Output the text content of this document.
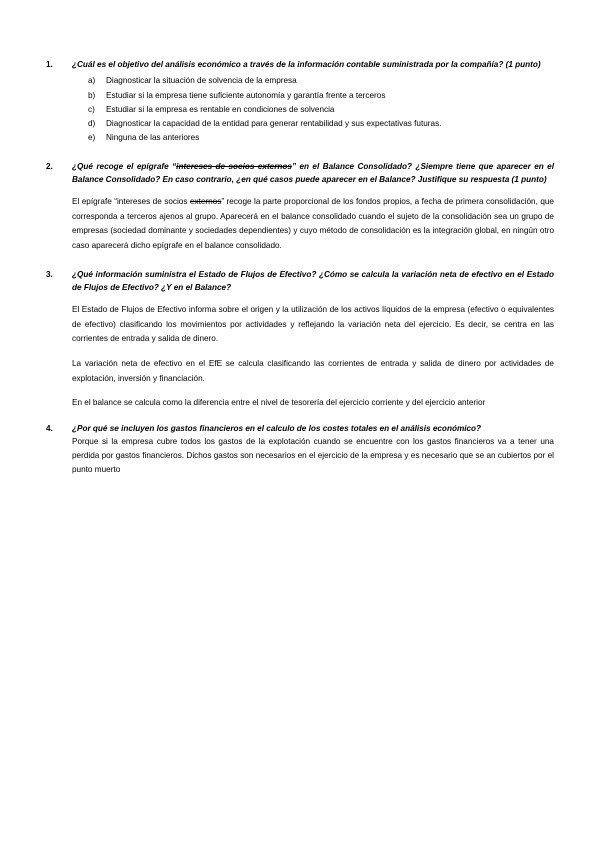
1.	¿Cuál es el objetivo del análisis económico a través de la información contable suministrada por la compañía? (1 punto)

a)	Diagnosticar la situación de solvencia de la empresa
b)	Estudiar si la empresa tiene suficiente autonomía y garantía frente a terceros
c)	Estudiar si la empresa es rentable en condiciones de solvencia
d)	Diagnosticar la capacidad de la entidad para generar rentabilidad y sus expectativas futuras.
e)	Ninguna de las anteriores
2.	¿Qué recoge el epígrafe “intereses de socios externos” en el Balance Consolidado? ¿Siempre tiene que aparecer en el Balance Consolidado? En caso contrario, ¿en qué casos puede aparecer en el Balance? Justifique su respuesta (1 punto)

El epígrafe “intereses de socios externos” recoge la parte proporcional de los fondos propios, a fecha de primera consolidación, que corresponda a terceros ajenos al grupo. Aparecerá en el balance consolidado cuando el sujeto de la consolidación sea un grupo de empresas (sociedad dominante y sociedades dependientes) y cuyo método de consolidación es la integración global, en ningún otro caso aparecerá dicho epígrafe en el balance consolidado.

3.	¿Qué información suministra el Estado de Flujos de Efectivo? ¿Cómo se calcula la variación neta de efectivo en el Estado de Flujos de Efectivo? ¿Y en el Balance?

El Estado de Flujos de Efectivo informa sobre el origen y la utilización de los activos líquidos de la empresa (efectivo o equivalentes de efectivo) clasificando los movimientos por actividades y reflejando la variación neta del ejercicio. Es decir, se centra en las corrientes de entrada y salida de dinero.

La variación neta de efectivo en el EfE se calcula clasificando las corrientes de entrada y salida de dinero por actividades de explotación, inversión y financiación.

En el balance se calcula como la diferencia entre el nivel de tesorería del ejercicio corriente y del ejercicio anterior

4.	¿Por qué se incluyen los gastos financieros en el calculo de los costes totales en el análisis económico?

Porque si la empresa cubre todos los gastos de la explotación cuando se encuentre con los gastos financieros va a tener una perdida por gastos financieros. Dichos gastos son necesarios en el ejercicio de la empresa y es necesario que se an cubiertos por el punto muerto
